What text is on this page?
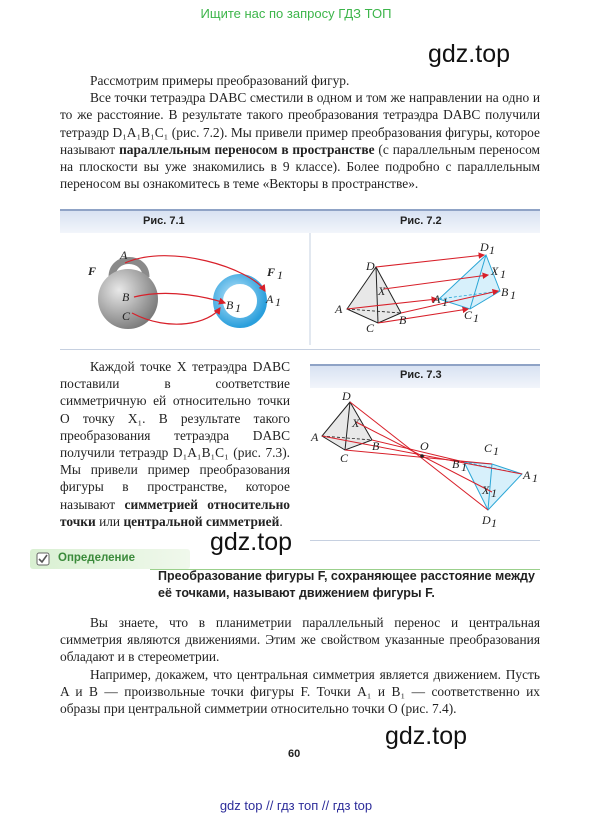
Ищите нас по запросу ГДЗ ТОП
gdz.top
gdz.top
gdz.top

Рассмотрим примеры преобразований фигур.

Все точки тетраэдра DABC сместили в одном и том же направлении на одно и то же расстояние. В результате такого преобразования тетраэдра DABC получили тетраэдр D₁A₁B₁C₁ (рис. 7.2). Мы привели пример преобразования фигуры, которое называют параллельным переносом в пространстве (с параллельным переносом на плоскости вы уже знакомились в 9 классе). Более подробно с параллельным переносом вы ознакомитесь в теме «Векторы в пространстве».

Рис. 7.1	Рис. 7.2
F	F 1
A
B
C
B 1
A 1
D
X
A
C
B
D 1
X 1
A 1
B 1
C 1

Каждой точке X тетраэдра DABC поставили в соответствие симметричную ей относительно точки O точку X₁. В результате такого преобразования тетраэдра DABC получили тетраэдр D₁A₁B₁C₁ (рис. 7.3). Мы привели пример преобразования фигуры в пространстве, которое называют симметрией относительно точки или центральной симметрией.

Рис. 7.3
D
X
A
C
B	O
B 1
C 1
A 1
X 1
D 1
Определение
Преобразование фигуры F, сохраняющее расстояние между её точками, называют движением фигуры F.

Вы знаете, что в планиметрии параллельный перенос и центральная симметрия являются движениями. Этим же свойством указанные преобразования обладают и в стереометрии.

Например, докажем, что центральная симметрия является движением. Пусть A и B — произвольные точки фигуры F. Точки A₁ и B₁ — соответственно их образы при центральной симметрии относительно точки O (рис. 7.4).

60
gdz top // гдз топ // гдз top
